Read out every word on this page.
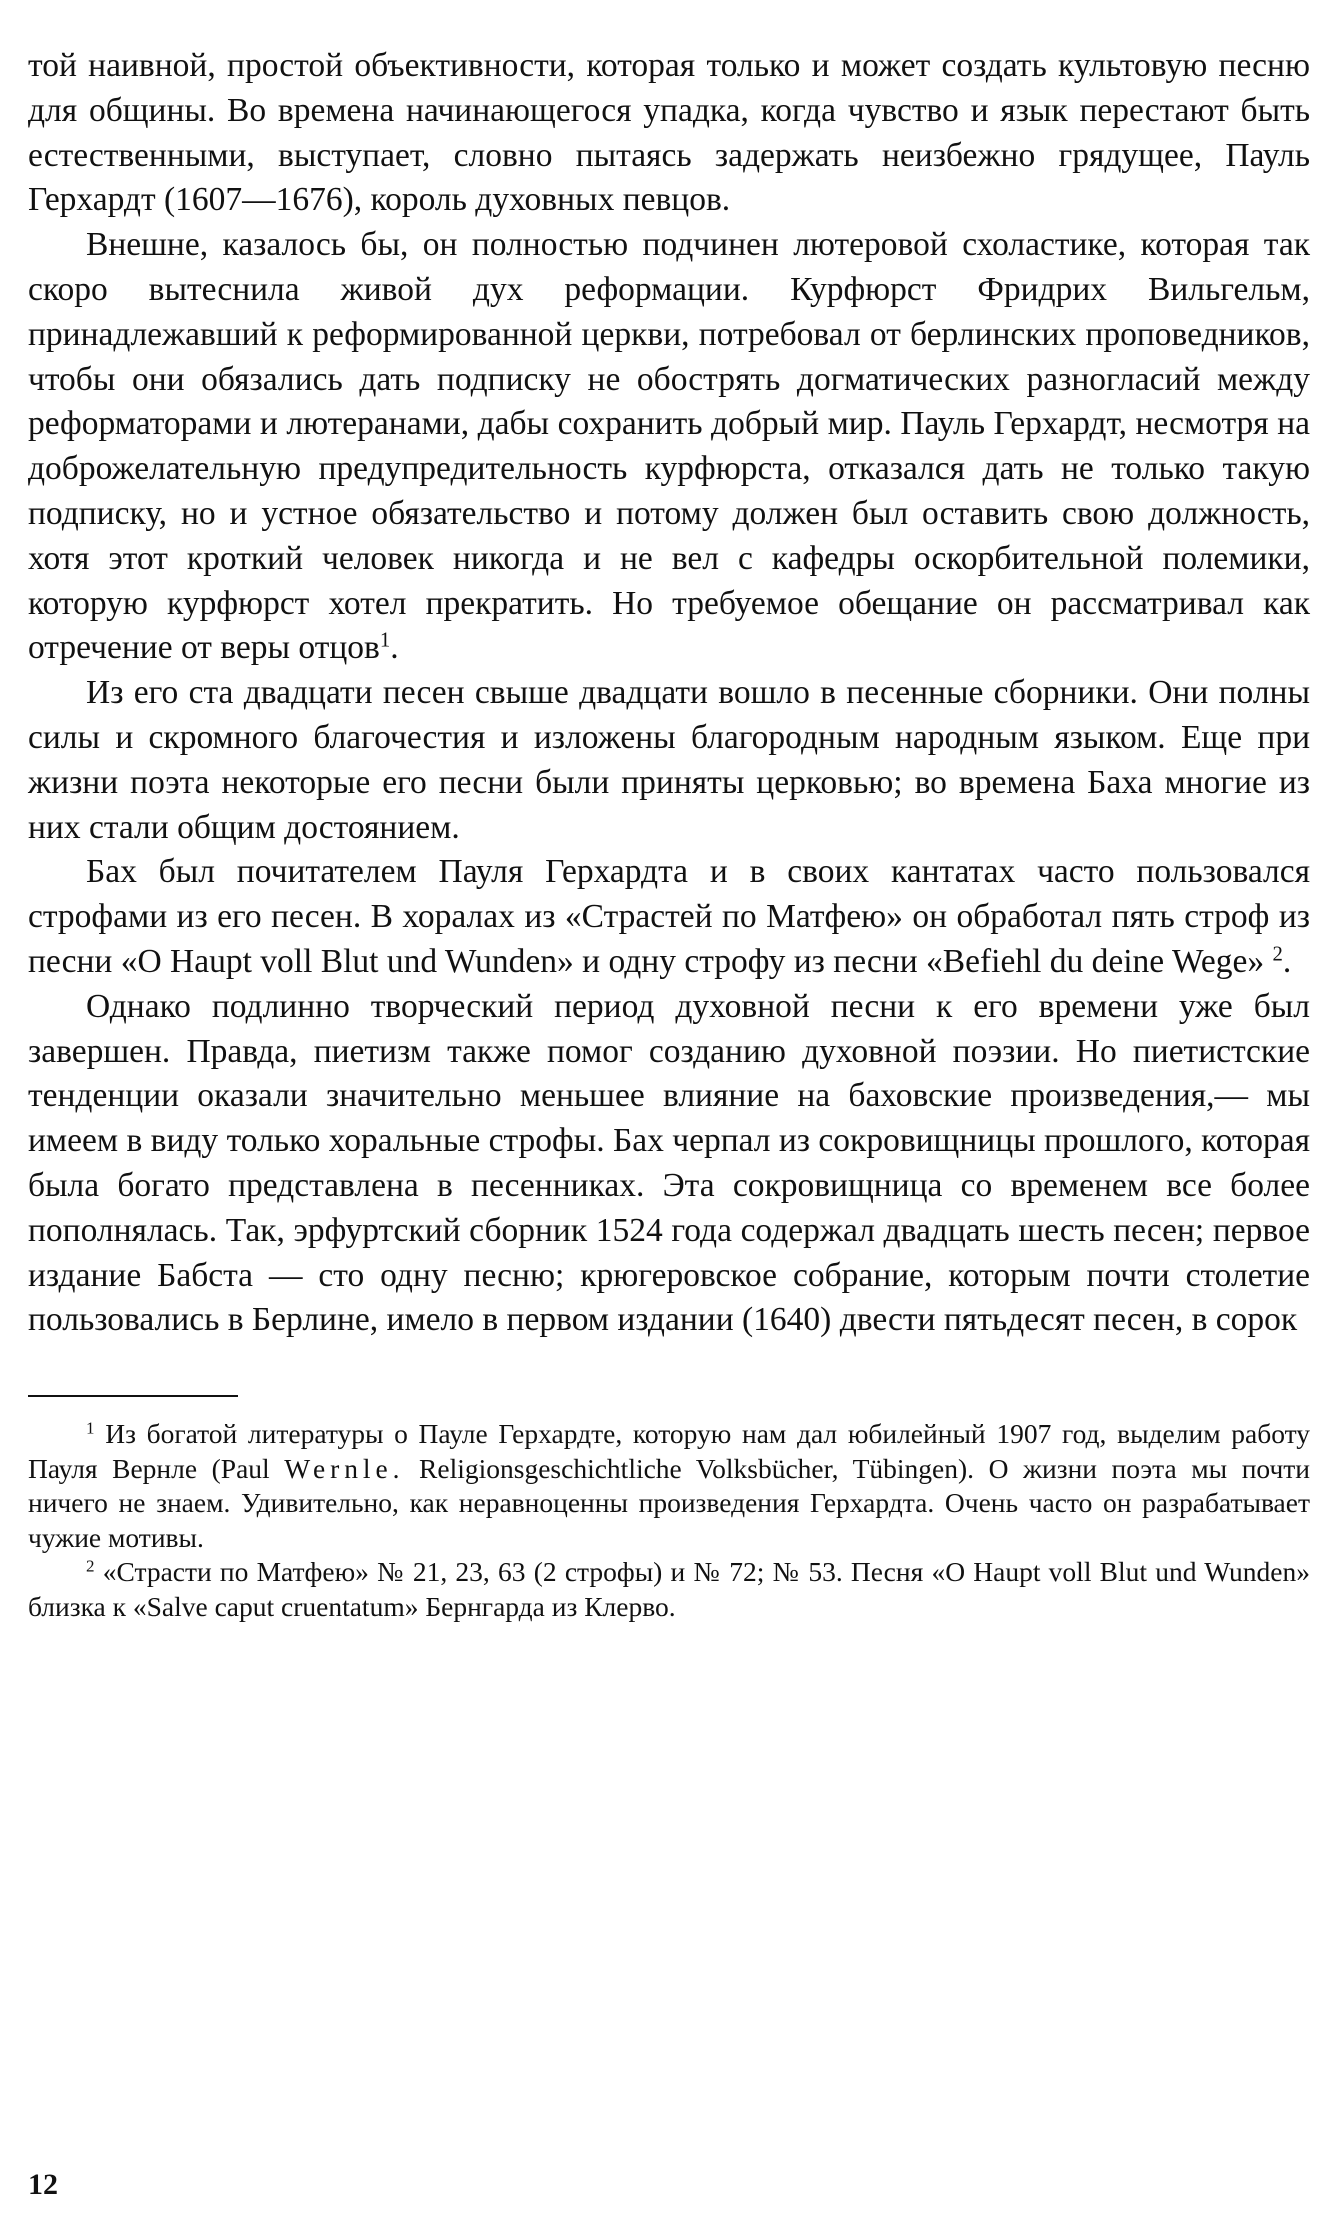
той наивной, простой объективности, которая только и может создать культовую песню для общины. Во времена начинающегося упадка, когда чувство и язык перестают быть естественными, выступает, словно пытаясь задержать неизбежно грядущее, Пауль Герхардт (1607—1676), король духовных певцов.

Внешне, казалось бы, он полностью подчинен лютеровой схоластике, которая так скоро вытеснила живой дух реформации. Курфюрст Фридрих Вильгельм, принадлежавший к реформированной церкви, потребовал от берлинских проповедников, чтобы они обязались дать подписку не обострять догматических разногласий между реформаторами и лютеранами, дабы сохранить добрый мир. Пауль Герхардт, несмотря на доброжелательную предупредительность курфюрста, отказался дать не только такую подписку, но и устное обязательство и потому должен был оставить свою должность, хотя этот кроткий человек никогда и не вел с кафедры оскорбительной полемики, которую курфюрст хотел прекратить. Но требуемое обещание он рассматривал как отречение от веры отцов$^1$.

Из его ста двадцати песен свыше двадцати вошло в песенные сборники. Они полны силы и скромного благочестия и изложены благородным народным языком. Еще при жизни поэта некоторые его песни были приняты церковью; во времена Баха многие из них стали общим достоянием.

Бах был почитателем Пауля Герхардта и в своих кантатах часто пользовался строфами из его песен. В хоралах из «Страстей по Матфею» он обработал пять строф из песни «O Haupt voll Blut und Wunden» и одну строфу из песни «Befiehl du deine Wege» $^2$.

Однако подлинно творческий период духовной песни к его времени уже был завершен. Правда, пиетизм также помог созданию духовной поэзии. Но пиетистские тенденции оказали значительно меньшее влияние на баховские произведения,— мы имеем в виду только хоральные строфы. Бах черпал из сокровищницы прошлого, которая была богато представлена в песенниках. Эта сокровищница со временем все более пополнялась. Так, эрфуртский сборник 1524 года содержал двадцать шесть песен; первое издание Бабста — сто одну песню; крюгеровское собрание, которым почти столетие пользовались в Берлине, имело в первом издании (1640) двести пятьдесят песен, в сорок

$^1$ Из богатой литературы о Пауле Герхардте, которую нам дал юбилейный 1907 год, выделим работу Пауля Вернле (Paul Wernle. Religionsgeschichtliche Volksbücher, Tübingen). О жизни поэта мы почти ничего не знаем. Удивительно, как неравноценны произведения Герхардта. Очень часто он разрабатывает чужие мотивы.

$^2$ «Страсти по Матфею» № 21, 23, 63 (2 строфы) и № 72; № 53. Песня «O Haupt voll Blut und Wunden» близка к «Salve caput cruentatum» Бернгарда из Клерво.

12
